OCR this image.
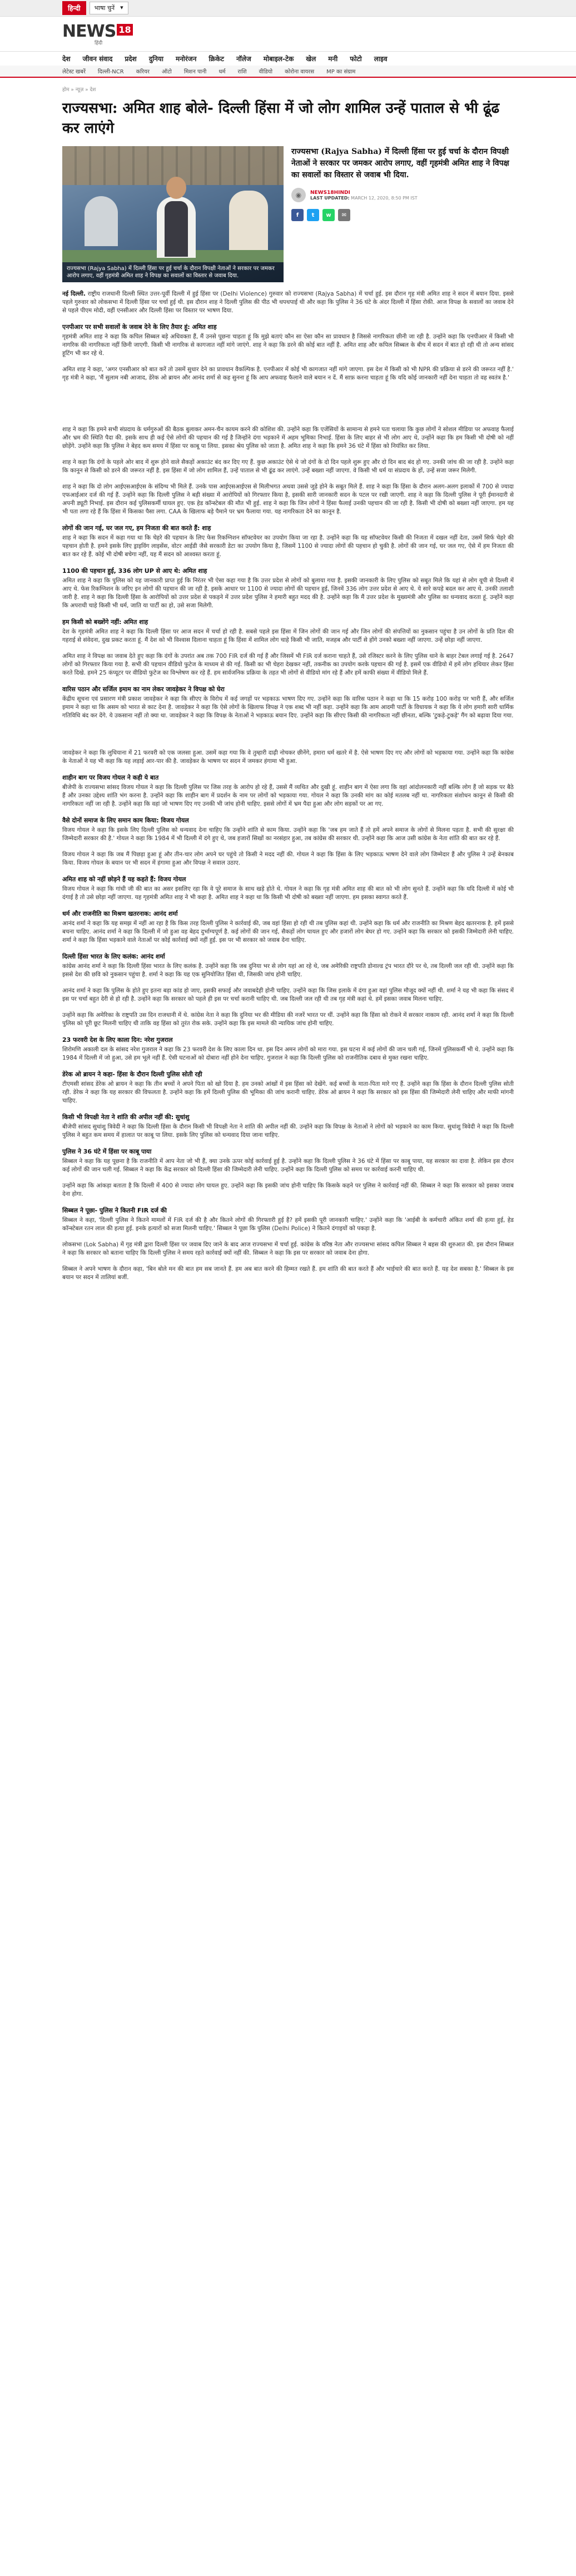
हिन्दी	भाषा चुनें ▾
NEWS 18
हिंदी
देश जीवन संवाद प्रदेश दुनिया मनोरंजन क्रिकेट नॉलेज मोबाइल-टेक खेल मनी फोटो लाइव
लेटेस्ट खबरें दिल्ली-NCR करियर ऑटो मिशन पानी धर्म राशि वीडियो कोरोना वायरस MP का संग्राम
होम » न्यूज़ » देश
राज्यसभा: अमित शाह बोले- दिल्ली हिंसा में जो लोग शामिल उन्हें पाताल से भी ढूंढ कर लाएंगे
राज्यसभा (Rajya Sabha) में दिल्ली हिंसा पर हुई चर्चा के दौरान विपक्षी नेताओं ने सरकार पर जमकर आरोप लगाए, वहीं गृहमंत्री अमित शाह ने विपक्ष का सवालों का विस्तार से जवाब दिया.
राज्यसभा (Rajya Sabha) में दिल्ली हिंसा पर हुई चर्चा के दौरान विपक्षी नेताओं ने सरकार पर जमकर आरोप लगाए, वहीं गृहमंत्री अमित शाह ने विपक्ष का सवालों का विस्तार से जवाब भी दिया.
◉	NEWS18HINDI
LAST UPDATED: MARCH 12, 2020, 8:50 PM IST
f	t	w	✉

नई दिल्ली. राष्ट्रीय राजधानी दिल्ली स्थित उत्तर-पूर्वी दिल्ली में हुई हिंसा पर (Delhi Violence) गुरुवार को राज्यसभा (Rajya Sabha) में चर्चा हुई. इस दौरान गृह मंत्री अमित शाह ने सदन में बयान दिया. इससे पहले गुरुवार को लोकसभा में दिल्ली हिंसा पर चर्चा हुई थी. इस दौरान शाह ने दिल्ली पुलिस की पीठ भी थपथपाई थी और कहा कि पुलिस ने 36 घंटे के अंदर दिल्ली में हिंसा रोकी. आज विपक्ष के सवालों का जवाब देने से पहले पीएम मोदी, वहीं एनसीआर और दिल्ली हिंसा पर विस्तार पर भाषण दिया.

एनपीआर पर सभी सवालों के जवाब देने के लिए तैयार हूं: अमित शाह

गृहमंत्री अमित शाह ने कहा कि कपिल सिब्बल बड़े अधिवक्ता हैं, मैं उनसे पूछना चाहता हूं कि मुझे बताएं कौन सा ऐसा कौन सा प्रावधान है जिससे नागरिकता छीनी जा रही है. उन्होंने कहा कि एनपीआर में किसी भी नागरिक की नागरिकता नहीं छिनी जाएगी. किसी भी नागरिक से कागजात नहीं मांगे जाएंगे. शाह ने कहा कि डरने की कोई बात नहीं है. अमित शाह और कपिल सिब्बल के बीच में सदन में बात हो रही थी तो अन्य सांसद हूटिंग भी कर रहे थे.

अमित शाह ने कहा, 'अगर एनसीआर को बात करें तो उसमें सुधार देने का प्रावधान वैकल्पिक है. एनपीआर में कोई भी कागजात नहीं मांगे जाएगा. इस देश में किसी को भी NPR की प्रक्रिया से डरने की जरूरत नहीं है.' गृह मंत्री ने कहा, 'मैं सुलाम नबी आजाद, डेरेक ओ ब्रायन और आनंद शर्मा से कह सुनना हूं कि आप अफवाह फैलाने वाले बयान न दें. मैं साफ़ करना चाहता हूं कि यदि कोई जानकारी नहीं देना चाहता तो वह स्वतंत्र है.'

शाह ने कहा कि हमने सभी संप्रदाय के धर्मगुरुओं की बैठक बुलाकर अमन-चैन कायम करने की कोशिश की. उन्होंने कहा कि एजेंसियों के सामान्य से हमने पता चलाया कि कुछ लोगों ने सोशल मीडिया पर अफवाह फैलाई और भ्रम की स्थिति पैदा की. इसके साथ ही कई ऐसे लोगों की पहचान की गई है जिन्होंने दंगा भड़काने में अहम भूमिका निभाई. हिंसा के लिए बाहर से भी लोग आए थे, उन्होंने कहा कि हम किसी भी दोषी को नहीं छोड़ेंगे. उन्होंने कहा कि पुलिस ने बेहद कम समय में हिंसा पर काबू पा लिया. इसका श्रेय पुलिस को जाता है. अमित शाह ने कहा कि हमने 36 घंटे में हिंसा को नियंत्रित कर लिया.

शाह ने कहा कि दंगों के पहले ओर बाद में शुरू होने वाले सैकड़ों अकाउंट बंद कर दिए गए हैं. कुछ अकाउंट ऐसे थे जो दंगों के दो दिन पहले शुरू हुए और दो दिन बाद बंद हो गए. उनकी जांच की जा रही है. उन्होंने कहा कि कानून से किसी को डरने की जरूरत नहीं है. इस हिंसा में जो लोग शामिल हैं, उन्हें पाताल से भी ढूंढ कर लाएंगे. उन्हें बख्शा नहीं जाएगा. वे किसी भी धर्म या संप्रदाय के हों, उन्हें सजा जरूर मिलेगी.

शाह ने कहा कि दो लोग आईएसआईएस के संदिग्ध भी मिले हैं. उनके पास आईएसआईएस से मिलीभगत अथवा उससे जुड़े होने के सबूत मिले हैं. शाह ने कहा कि हिंसा के दौरान अलग-अलग इलाकों में 700 से ज्यादा एफआईआर दर्ज की गई हैं. उन्होंने कहा कि दिल्ली पुलिस ने बड़ी संख्या में आरोपियों को गिरफ्तार किया है, इसकी सारी जानकारी सदन के पटल पर रखी जाएगी. शाह ने कहा कि दिल्ली पुलिस ने पूरी ईमानदारी से अपनी ड्यूटी निभाई. इस दौरान कई पुलिसकर्मी घायल हुए. एक हेड कॉन्स्टेबल की मौत भी हुई. शाह ने कहा कि जिन लोगों ने हिंसा फैलाई उनकी पहचान की जा रही है. किसी भी दोषी को बख्शा नहीं जाएगा. हम यह भी पता लगा रहे हैं कि हिंसा में किसका पैसा लगा. CAA के खिलाफ बड़े पैमाने पर भ्रम फैलाया गया. यह नागरिकता देने का कानून है.

लोगों की जान गई, घर जल गए, हम निजता की बात करते हैं: शाह

शाह ने कहा कि सदन में कहा गया था कि चेहरे की पहचान के लिए फेस रिकग्निशन सॉफ्टवेयर का उपयोग किया जा रहा है. उन्होंने कहा कि यह सॉफ्टवेयर किसी की निजता में दखल नहीं देता, उसमें सिर्फ चेहरे की पहचान होती है. हमने इसके लिए ड्राइविंग लाइसेंस, वोटर आईडी जैसे सरकारी डेटा का उपयोग किया है, जिसमें 1100 से ज्यादा लोगों की पहचान हो चुकी है. लोगों की जान गई, घर जल गए, ऐसे में हम निजता की बात कर रहे हैं. कोई भी दोषी बचेगा नहीं, यह मैं सदन को आश्वस्त करता हूं.

1100 की पहचान हुई, 336 लोग UP से आए थे: अमित शाह

अमित शाह ने कहा कि पुलिस को यह जानकारी प्राप्त हुई कि निरंतर भी ऐसा कहा गया है कि उत्तर प्रदेश से लोगों को बुलाया गया है. इसकी जानकारी के लिए पुलिस को सबूत मिले कि यहां से लोग यूपी से दिल्ली में आए थे. फेस रिकग्निशन के जरिए इन लोगों की पहचान की जा रही है. इसके आधार पर 1100 से ज्यादा लोगों की पहचान हुई, जिनमें 336 लोग उत्तर प्रदेश से आए थे. ये सारे कपड़े बदल कर आए थे. उनकी तलाशी जारी है. शाह ने कहा कि दिल्ली हिंसा के आरोपियों को उत्तर प्रदेश से पकड़ने में उत्तर प्रदेश पुलिस ने हमारी बहुत मदद की है. उन्होंने कहा कि मैं उत्तर प्रदेश के मुख्यमंत्री और पुलिस का धन्यवाद करता हूं. उन्होंने कहा कि अपराधी चाहे किसी भी धर्म, जाति या पार्टी का हो, उसे सजा मिलेगी.

हम किसी को बख्शेंगे नहीं: अमित शाह

देश के गृहमंत्री अमित शाह ने कहा कि दिल्ली हिंसा पर आज सदन में चर्चा हो रही है. सबसे पहले इस हिंसा में जिन लोगों की जान गई और जिन लोगों की संपत्तियों का नुकसान पहुंचा है उन लोगों के प्रति दिल की गहराई से संवेदना, दुख प्रकट करता हूं. मैं देश को भी विश्वास दिलाना चाहता हूं कि हिंसा में शामिल लोग चाहे किसी भी जाति, मजहब और पार्टी से होंगे उनको बख्शा नहीं जाएगा. उन्हें छोड़ा नहीं जाएगा.

अमित शाह ने विपक्ष का जवाब देते हुए कहा कि दंगों के उपरांत अब तक 700 FIR दर्ज की गई हैं और जिसमें भी FIR दर्ज कराना चाहते हैं, उसे रजिस्टर करने के लिए पुलिस थाने के बाहर टेबल लगाई गई है. 2647 लोगों को गिरफ्तार किया गया है. सभी की पहचान वीडियो फुटेज के माध्यम से की गई. किसी का भी चेहरा देखकर नहीं, तकनीक का उपयोग करके पहचान की गई है. इसमें एक वीडियो में हमें लोग हथियार लेकर हिंसा करते दिखे. हमने 25 कंप्यूटर पर वीडियो फुटेज का विश्लेषण कर रहे हैं. हम सार्वजनिक प्रक्रिया के तहत भी लोगों से वीडियो मांग रहे हैं और हमें काफी संख्या में वीडियो मिले हैं.

वारिस पठान और सर्जिल इमाम का नाम लेकर जावड़ेकर ने विपक्ष को घेरा

केंद्रीय सूचना एवं प्रसारण मंत्री प्रकाश जावड़ेकर ने कहा कि सीएए के विरोध में कई जगहों पर भड़काऊ भाषण दिए गए. उन्होंने कहा कि वारिस पठान ने कहा था कि 15 करोड़ 100 करोड़ पर भारी हैं, और सर्जिल इमाम ने कहा था कि असम को भारत से काट देना है. जावड़ेकर ने कहा कि ऐसे लोगों के खिलाफ विपक्ष ने एक शब्द भी नहीं कहा. उन्होंने कहा कि आम आदमी पार्टी के विधायक ने कहा कि ये लोग हमारी सारी धार्मिक गतिविधि बंद कर देंगे. ये उकसाना नहीं तो क्या था. जावड़ेकर ने कहा कि विपक्ष के नेताओं ने भड़काऊ बयान दिए. उन्होंने कहा कि सीएए किसी की नागरिकता नहीं छीनता, बल्कि 'टुकड़े-टुकड़े' गैंग को बढ़ावा दिया गया.

जावड़ेकर ने कहा कि लुधियाना में 21 फरवरी को एक जलसा हुआ. उसमें कहा गया कि वे तुम्हारी दाढ़ी नोचकर छीनेंगे, हमारा धर्म खतरे में है. ऐसे भाषण दिए गए और लोगों को भड़काया गया. उन्होंने कहा कि कांग्रेस के नेताओं ने यह भी कहा कि यह लड़ाई आर-पार की है. जावड़ेकर के भाषण पर सदन में जमकर हंगामा भी हुआ.

शाहीन बाग पर विजय गोयल ने कही ये बात

बीजेपी के राज्यसभा सांसद विजय गोयल ने कहा कि दिल्ली पुलिस पर जिस तरह के आरोप हो रहे हैं, उससे मैं व्यथित और दुखी हूं. शाहीन बाग में ऐसा लगा कि वहां आंदोलनकारी नहीं बल्कि लोग हैं जो सड़क पर बैठे हैं और उनका उद्देश्य शांति भंग करना है. उन्होंने कहा कि शाहीन बाग में प्रदर्शन के नाम पर लोगों को भड़काया गया. गोयल ने कहा कि उनकी मांग का कोई मतलब नहीं था. नागरिकता संशोधन कानून से किसी की नागरिकता नहीं जा रही है. उन्होंने कहा कि वहां जो भाषण दिए गए उनकी भी जांच होनी चाहिए. इससे लोगों में भ्रम पैदा हुआ और लोग सड़कों पर आ गए.

वैसे दोनों समाज के लिए समान काम किया: विजय गोयल

विजय गोयल ने कहा कि इसके लिए दिल्ली पुलिस को धन्यवाद देना चाहिए कि उन्होंने शांति से काम किया. उन्होंने कहा कि 'जब हम जाते हैं तो हमें अपने समाज के लोगों से मिलना पड़ता है. सभी की सुरक्षा की जिम्मेदारी सरकार की है.' गोयल ने कहा कि 1984 में भी दिल्ली में दंगे हुए थे, जब हजारों सिखों का नरसंहार हुआ, तब कांग्रेस की सरकार थी. उन्होंने कहा कि आज उसी कांग्रेस के नेता शांति की बात कर रहे हैं.

विजय गोयल ने कहा कि जब मैं पिछड़ा हुआ हूं और तीन-चार लोग अपने घर पहुंचे तो किसी ने मदद नहीं की. गोयल ने कहा कि हिंसा के लिए भड़काऊ भाषण देने वाले लोग जिम्मेदार हैं और पुलिस ने उन्हें बेनकाब किया. विजय गोयल के बयान पर भी सदन में हंगामा हुआ और विपक्ष ने सवाल उठाए.

अमित शाह को नहीं छोड़ने हैं यह कहते हैं: विजय गोयल

विजय गोयल ने कहा कि गांधी जी की बात का असर इसलिए रहा कि वे पूरे समाज के साथ खड़े होते थे. गोयल ने कहा कि गृह मंत्री अमित शाह की बात को भी लोग सुनते हैं. उन्होंने कहा कि यदि दिल्ली में कोई भी दंगाई है तो उसे छोड़ा नहीं जाएगा. यह गृहमंत्री अमित शाह ने भी कहा है. अमित शाह ने कहा था कि किसी भी दोषी को बख्शा नहीं जाएगा. हम इसका स्वागत करते हैं.

धर्म और राजनीति का मिश्रण खतरनाक: आनंद शर्मा

आनंद शर्मा ने कहा कि यह समझ में नहीं आ रहा है कि किस तरह दिल्ली पुलिस ने कार्रवाई की, जब वहां हिंसा हो रही थी तब पुलिस कहां थी. उन्होंने कहा कि धर्म और राजनीति का मिश्रण बेहद खतरनाक है. हमें इससे बचना चाहिए. आनंद शर्मा ने कहा कि दिल्ली में जो हुआ वह बेहद दुर्भाग्यपूर्ण है. कई लोगों की जान गई, सैकड़ों लोग घायल हुए और हजारों लोग बेघर हो गए. उन्होंने कहा कि सरकार को इसकी जिम्मेदारी लेनी चाहिए. शर्मा ने कहा कि हिंसा भड़काने वाले नेताओं पर कोई कार्रवाई क्यों नहीं हुई. इस पर भी सरकार को जवाब देना चाहिए.

दिल्ली हिंसा भारत के लिए कलंक: आनंद शर्मा

कांग्रेस आनंद शर्मा ने कहा कि दिल्ली हिंसा भारत के लिए कलंक है. उन्होंने कहा कि जब दुनिया भर से लोग यहां आ रहे थे, जब अमेरिकी राष्ट्रपति डोनाल्ड ट्रंप भारत दौरे पर थे, तब दिल्ली जल रही थी. उन्होंने कहा कि इससे देश की छवि को नुकसान पहुंचा है. शर्मा ने कहा कि यह एक सुनियोजित हिंसा थी, जिसकी जांच होनी चाहिए.

आनंद शर्मा ने कहा कि पुलिस के होते हुए इतना बड़ा कांड हो जाए, इसकी सफाई और जवाबदेही होनी चाहिए. उन्होंने कहा कि जिस इलाके में दंगा हुआ वहां पुलिस मौजूद क्यों नहीं थी. शर्मा ने यह भी कहा कि संसद में इस पर चर्चा बहुत देरी से हो रही है. उन्होंने कहा कि सरकार को पहले ही इस पर चर्चा करानी चाहिए थी. जब दिल्ली जल रही थी तब गृह मंत्री कहां थे. हमें इसका जवाब मिलना चाहिए.

उन्होंने कहा कि अमेरिका के राष्ट्रपति उस दिन राजधानी में थे. कांग्रेस नेता ने कहा कि दुनिया भर की मीडिया की नजरें भारत पर थीं. उन्होंने कहा कि हिंसा को रोकने में सरकार नाकाम रही. आनंद शर्मा ने कहा कि दिल्ली पुलिस को पूरी छूट मिलनी चाहिए थी ताकि वह हिंसा को तुरंत रोक सके. उन्होंने कहा कि इस मामले की न्यायिक जांच होनी चाहिए.

23 फरवरी देश के लिए काला दिन: नरेश गुजराल

शिरोमणि अकाली दल के सांसद नरेश गुजराल ने कहा कि 23 फरवरी देश के लिए काला दिन था. इस दिन अमन लोगों को मारा गया. इस घटना में कई लोगों की जान चली गई, जिनमें पुलिसकर्मी भी थे. उन्होंने कहा कि 1984 में दिल्ली में जो हुआ, उसे हम भूले नहीं हैं. ऐसी घटनाओं को दोबारा नहीं होने देना चाहिए. गुजराल ने कहा कि दिल्ली पुलिस को राजनीतिक दबाव से मुक्त रखना चाहिए.

डेरेक ओ ब्रायन ने कहा- हिंसा के दौरान दिल्ली पुलिस सोती रही

टीएमसी सांसद डेरेक ओ ब्रायन ने कहा कि तीन बच्चों ने अपने पिता को खो दिया है. हम उनको आंखों में इस हिंसा को देखेंगे. कई बच्चों के माता-पिता मारे गए हैं. उन्होंने कहा कि हिंसा के दौरान दिल्ली पुलिस सोती रही. डेरेक ने कहा कि यह सरकार की विफलता है. उन्होंने कहा कि हमें दिल्ली पुलिस की भूमिका की जांच करानी चाहिए. डेरेक ओ ब्रायन ने कहा कि सरकार को इस हिंसा की जिम्मेदारी लेनी चाहिए और माफी मांगनी चाहिए.

किसी भी विपक्षी नेता ने शांति की अपील नहीं की: सुधांशु

बीजेपी सांसद सुधांशु त्रिवेदी ने कहा कि दिल्ली हिंसा के दौरान किसी भी विपक्षी नेता ने शांति की अपील नहीं की. उन्होंने कहा कि विपक्ष के नेताओं ने लोगों को भड़काने का काम किया. सुधांशु त्रिवेदी ने कहा कि दिल्ली पुलिस ने बहुत कम समय में हालात पर काबू पा लिया. इसके लिए पुलिस को धन्यवाद दिया जाना चाहिए.

पुलिस ने 36 घंटे में हिंसा पर काबू पाया

सिब्बल ने कहा कि यह पूछना है कि राजनीति में आप नेता जो भी हैं, क्या उनके ऊपर कोई कार्रवाई हुई है. उन्होंने कहा कि दिल्ली पुलिस ने 36 घंटे में हिंसा पर काबू पाया, यह सरकार का दावा है. लेकिन इस दौरान कई लोगों की जान चली गई. सिब्बल ने कहा कि केंद्र सरकार को दिल्ली हिंसा की जिम्मेदारी लेनी चाहिए. उन्होंने कहा कि दिल्ली पुलिस को समय पर कार्रवाई करनी चाहिए थी.

उन्होंने कहा कि आंकड़ा बताता है कि दिल्ली में 400 से ज्यादा लोग घायल हुए. उन्होंने कहा कि इसकी जांच होनी चाहिए कि किसके कहने पर पुलिस ने कार्रवाई नहीं की. सिब्बल ने कहा कि सरकार को इसका जवाब देना होगा.

सिब्बल ने पूछा- पुलिस ने कितनी FIR दर्ज की

सिब्बल ने कहा, 'दिल्ली पुलिस ने कितने मामलों में FIR दर्ज की है और कितने लोगों की गिरफ्तारी हुई है? हमें इसकी पूरी जानकारी चाहिए.' उन्होंने कहा कि 'आईबी के कर्मचारी अंकित शर्मा की हत्या हुई, हेड कॉन्स्टेबल रतन लाल की हत्या हुई. इनके हत्यारों को सजा मिलनी चाहिए.' सिब्बल ने पूछा कि पुलिस (Delhi Police) ने कितने दंगाइयों को पकड़ा है.

लोकसभा (Lok Sabha) में गृह मंत्री द्वारा दिल्ली हिंसा पर जवाब दिए जाने के बाद आज राज्यसभा में चर्चा हुई. कांग्रेस के वरिष्ठ नेता और राज्यसभा सांसद कपिल सिब्बल ने बहस की शुरुआत की. इस दौरान सिब्बल ने कहा कि सरकार को बताना चाहिए कि दिल्ली पुलिस ने समय रहते कार्रवाई क्यों नहीं की. सिब्बल ने कहा कि इस पर सरकार को जवाब देना होगा.

सिब्बल ने अपने भाषण के दौरान कहा, 'बिन बोले मन की बात हम सब जानते हैं. हम अब बात करने की हिम्मत रखते हैं. हम शांति की बात करते हैं और भाईचारे की बात करते हैं. यह देश सबका है.' सिब्बल के इस बयान पर सदन में तालियां बजीं.
